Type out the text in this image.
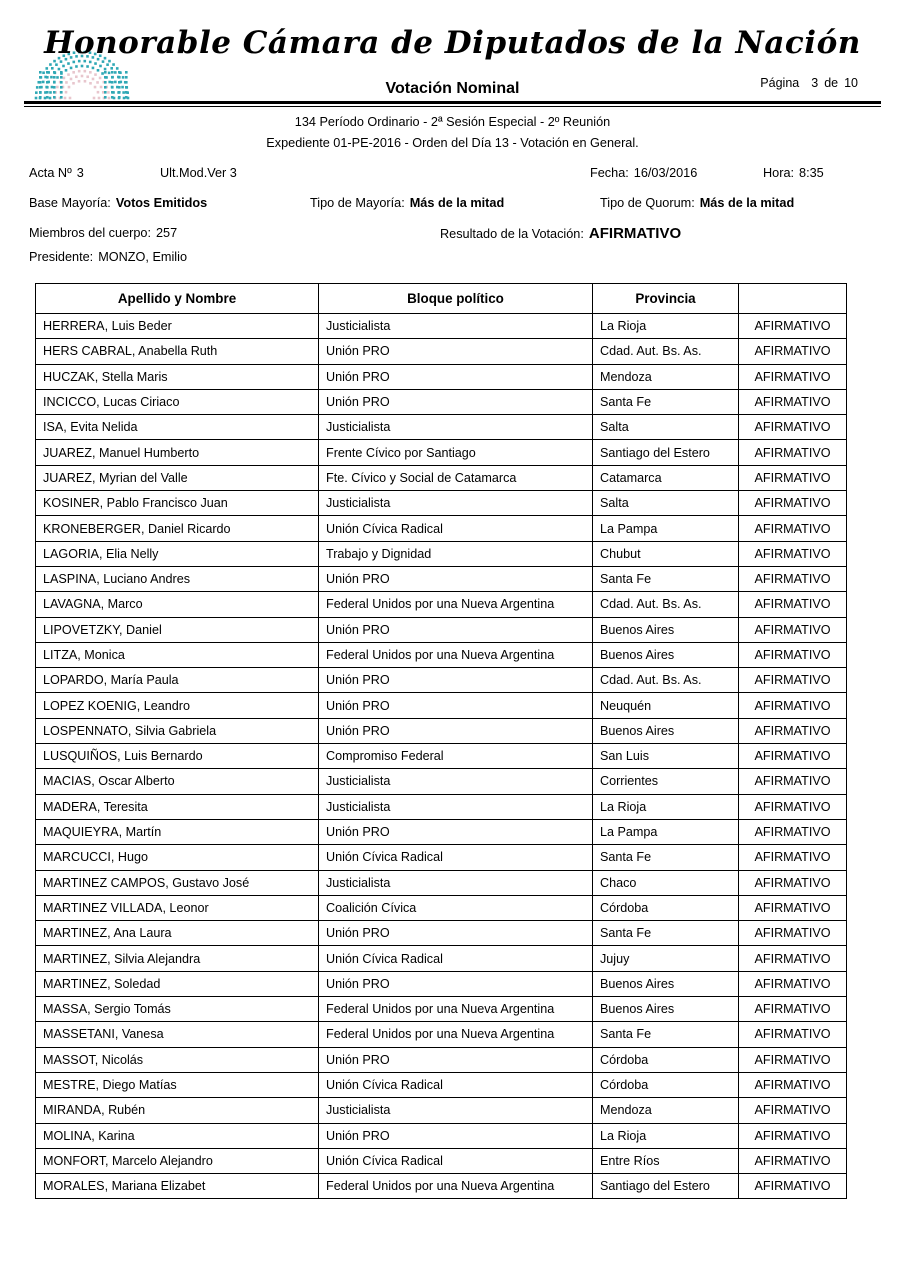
Honorable Cámara de Diputados de la Nación
Votación Nominal	Página 3 de 10
134 Período Ordinario - 2ª Sesión Especial - 2º Reunión
Expediente 01-PE-2016 - Orden del Día 13 - Votación en General.
Acta Nº 3	Ult.Mod.Ver 3	Fecha: 16/03/2016	Hora: 8:35
Base Mayoría: Votos Emitidos	Tipo de Mayoría: Más de la mitad	Tipo de Quorum: Más de la mitad
Miembros del cuerpo: 257	Resultado de la Votación: AFIRMATIVO
Presidente: MONZO, Emilio
Apellido y Nombre	Bloque político	Provincia	
HERRERA, Luis Beder	Justicialista	La Rioja	AFIRMATIVO
HERS CABRAL, Anabella Ruth	Unión PRO	Cdad. Aut. Bs. As.	AFIRMATIVO
HUCZAK, Stella Maris	Unión PRO	Mendoza	AFIRMATIVO
INCICCO, Lucas Ciriaco	Unión PRO	Santa Fe	AFIRMATIVO
ISA, Evita Nelida	Justicialista	Salta	AFIRMATIVO
JUAREZ, Manuel Humberto	Frente Cívico por Santiago	Santiago del Estero	AFIRMATIVO
JUAREZ, Myrian del Valle	Fte. Cívico y Social de Catamarca	Catamarca	AFIRMATIVO
KOSINER, Pablo Francisco Juan	Justicialista	Salta	AFIRMATIVO
KRONEBERGER, Daniel Ricardo	Unión Cívica Radical	La Pampa	AFIRMATIVO
LAGORIA, Elia Nelly	Trabajo y Dignidad	Chubut	AFIRMATIVO
LASPINA, Luciano Andres	Unión PRO	Santa Fe	AFIRMATIVO
LAVAGNA, Marco	Federal Unidos por una Nueva Argentina	Cdad. Aut. Bs. As.	AFIRMATIVO
LIPOVETZKY, Daniel	Unión PRO	Buenos Aires	AFIRMATIVO
LITZA, Monica	Federal Unidos por una Nueva Argentina	Buenos Aires	AFIRMATIVO
LOPARDO, María Paula	Unión PRO	Cdad. Aut. Bs. As.	AFIRMATIVO
LOPEZ KOENIG, Leandro	Unión PRO	Neuquén	AFIRMATIVO
LOSPENNATO, Silvia Gabriela	Unión PRO	Buenos Aires	AFIRMATIVO
LUSQUIÑOS, Luis Bernardo	Compromiso Federal	San Luis	AFIRMATIVO
MACIAS, Oscar Alberto	Justicialista	Corrientes	AFIRMATIVO
MADERA, Teresita	Justicialista	La Rioja	AFIRMATIVO
MAQUIEYRA, Martín	Unión PRO	La Pampa	AFIRMATIVO
MARCUCCI, Hugo	Unión Cívica Radical	Santa Fe	AFIRMATIVO
MARTINEZ CAMPOS, Gustavo José	Justicialista	Chaco	AFIRMATIVO
MARTINEZ VILLADA, Leonor	Coalición Cívica	Córdoba	AFIRMATIVO
MARTINEZ, Ana Laura	Unión PRO	Santa Fe	AFIRMATIVO
MARTINEZ, Silvia Alejandra	Unión Cívica Radical	Jujuy	AFIRMATIVO
MARTINEZ, Soledad	Unión PRO	Buenos Aires	AFIRMATIVO
MASSA, Sergio Tomás	Federal Unidos por una Nueva Argentina	Buenos Aires	AFIRMATIVO
MASSETANI, Vanesa	Federal Unidos por una Nueva Argentina	Santa Fe	AFIRMATIVO
MASSOT, Nicolás	Unión PRO	Córdoba	AFIRMATIVO
MESTRE, Diego Matías	Unión Cívica Radical	Córdoba	AFIRMATIVO
MIRANDA, Rubén	Justicialista	Mendoza	AFIRMATIVO
MOLINA, Karina	Unión PRO	La Rioja	AFIRMATIVO
MONFORT, Marcelo Alejandro	Unión Cívica Radical	Entre Ríos	AFIRMATIVO
MORALES, Mariana Elizabet	Federal Unidos por una Nueva Argentina	Santiago del Estero	AFIRMATIVO
